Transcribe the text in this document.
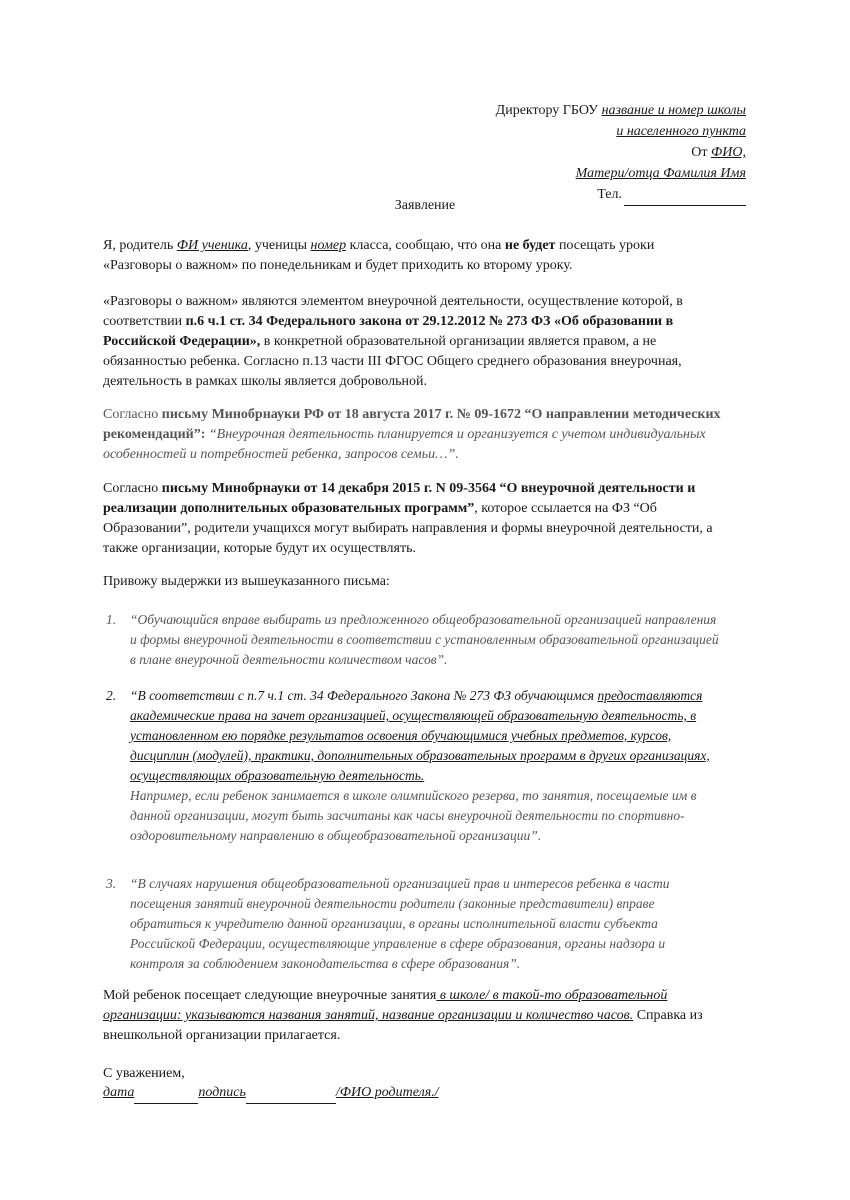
Директору ГБОУ название и номер школы
и населенного пункта
От ФИО,
Матери/отца Фамилия Имя
Тел.
Заявление
Я, родитель ФИ ученика, ученицы номер класса, сообщаю, что она не будет посещать уроки «Разговоры о важном» по понедельникам и будет приходить ко второму уроку.
«Разговоры о важном» являются элементом внеурочной деятельности, осуществление которой, в соответствии п.6 ч.1 ст. 34 Федерального закона от 29.12.2012 № 273 ФЗ «Об образовании в Российской Федерации», в конкретной образовательной организации является правом, а не обязанностью ребенка. Согласно п.13 части III ФГОС Общего среднего образования внеурочная, деятельность в рамках школы является добровольной.
Согласно письму Минобрнауки РФ от 18 августа 2017 г. № 09-1672 “О направлении методических рекомендаций”: “Внеурочная деятельность планируется и организуется с учетом индивидуальных особенностей и потребностей ребенка, запросов семьи…”.
Согласно письму Минобрнауки от 14 декабря 2015 г. N 09-3564 “О внеурочной деятельности и реализации дополнительных образовательных программ”, которое ссылается на ФЗ “Об Образовании”, родители учащихся могут выбирать направления и формы внеурочной деятельности, а также организации, которые будут их осуществлять.
Привожу выдержки из вышеуказанного письма:
1. “Обучающийся вправе выбирать из предложенного общеобразовательной организацией направления и формы внеурочной деятельности в соответствии с установленным образовательной организацией в плане внеурочной деятельности количеством часов”.
2. “В соответствии с п.7 ч.1 ст. 34 Федерального Закона № 273 ФЗ обучающимся предоставляются академические права на зачет организацией, осуществляющей образовательную деятельность, в установленном ею порядке результатов освоения обучающимися учебных предметов, курсов, дисциплин (модулей), практики, дополнительных образовательных программ в других организациях, осуществляющих образовательную деятельность.
Например, если ребенок занимается в школе олимпийского резерва, то занятия, посещаемые им в данной организации, могут быть засчитаны как часы внеурочной деятельности по спортивно-оздоровительному направлению в общеобразовательной организации”.
3. “В случаях нарушения общеобразовательной организацией прав и интересов ребенка в части посещения занятий внеурочной деятельности родители (законные представители) вправе обратиться к учредителю данной организации, в органы исполнительной власти субъекта Российской Федерации, осуществляющие управление в сфере образования, органы надзора и контроля за соблюдением законодательства в сфере образования”.
Мой ребенок посещает следующие внеурочные занятия в школе/ в такой-то образовательной организации: указываются названия занятий, название организации и количество часов. Справка из внешкольной организации прилагается.
С уважением,
дата	подпись	/ФИО родителя./
